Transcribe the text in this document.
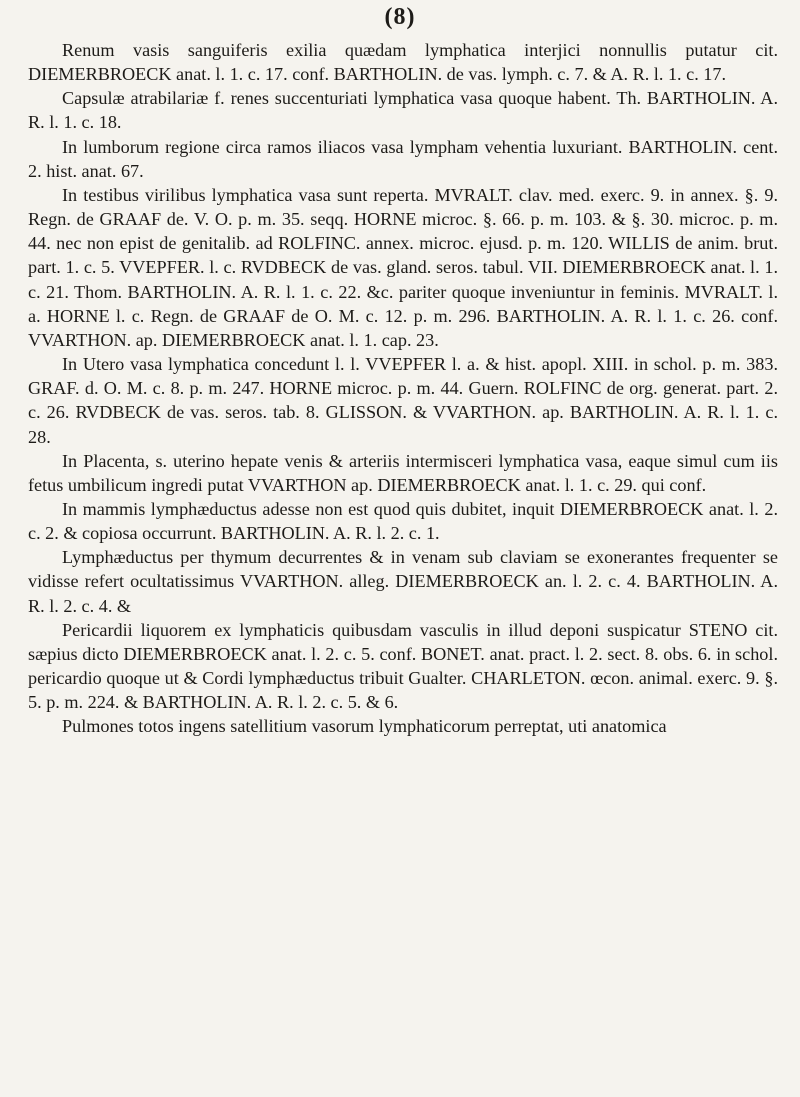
(8)

Renum vasis sanguiferis exilia quædam lymphatica interjici nonnullis putatur cit. DIEMERBROECK anat. l. 1. c. 17. conf. BARTHOLIN. de vas. lymph. c. 7. & A. R. l. 1. c. 17.

Capsulæ atrabilariæ f. renes succenturiati lymphatica vasa quoque habent. Th. BARTHOLIN. A. R. l. 1. c. 18.

In lumborum regione circa ramos iliacos vasa lympham vehentia luxuriant. BARTHOLIN. cent. 2. hist. anat. 67.

In testibus virilibus lymphatica vasa sunt reperta. MVRALT. clav. med. exerc. 9. in annex. §. 9. Regn. de GRAAF de. V. O. p. m. 35. seqq. HORNE microc. §. 66. p. m. 103. & §. 30. microc. p. m. 44. nec non epist de genitalib. ad ROLFINC. annex. microc. ejusd. p. m. 120. WILLIS de anim. brut. part. 1. c. 5. VVEPFER. l. c. RVDBECK de vas. gland. seros. tabul. VII. DIEMERBROECK anat. l. 1. c. 21. Thom. BARTHOLIN. A. R. l. 1. c. 22. &c. pariter quoque inveniuntur in feminis. MVRALT. l. a. HORNE l. c. Regn. de GRAAF de O. M. c. 12. p. m. 296. BARTHOLIN. A. R. l. 1. c. 26. conf. VVARTHON. ap. DIEMERBROECK anat. l. 1. cap. 23.

In Utero vasa lymphatica concedunt l. l. VVEPFER l. a. & hist. apopl. XIII. in schol. p. m. 383. GRAF. d. O. M. c. 8. p. m. 247. HORNE microc. p. m. 44. Guern. ROLFINC de org. generat. part. 2. c. 26. RVDBECK de vas. seros. tab. 8. GLISSON. & VVARTHON. ap. BARTHOLIN. A. R. l. 1. c. 28.

In Placenta, s. uterino hepate venis & arteriis intermisceri lymphatica vasa, eaque simul cum iis fetus umbilicum ingredi putat VVARTHON ap. DIEMERBROECK anat. l. 1. c. 29. qui conf.

In mammis lymphæductus adesse non est quod quis dubitet, inquit DIEMERBROECK anat. l. 2. c. 2. & copiosa occurrunt. BARTHOLIN. A. R. l. 2. c. 1.

Lymphæductus per thymum decurrentes & in venam sub claviam se exonerantes frequenter se vidisse refert ocultatissimus VVARTHON. alleg. DIEMERBROECK an. l. 2. c. 4. BARTHOLIN. A. R. l. 2. c. 4. &

Pericardii liquorem ex lymphaticis quibusdam vasculis in illud deponi suspicatur STENO cit. sæpius dicto DIEMERBROECK anat. l. 2. c. 5. conf. BONET. anat. pract. l. 2. sect. 8. obs. 6. in schol. pericardio quoque ut & Cordi lymphæductus tribuit Gualter. CHARLETON. œcon. animal. exerc. 9. §. 5. p. m. 224. & BARTHOLIN. A. R. l. 2. c. 5. & 6.

Pulmones totos ingens satellitium vasorum lymphaticorum perreptat, uti anatomica
